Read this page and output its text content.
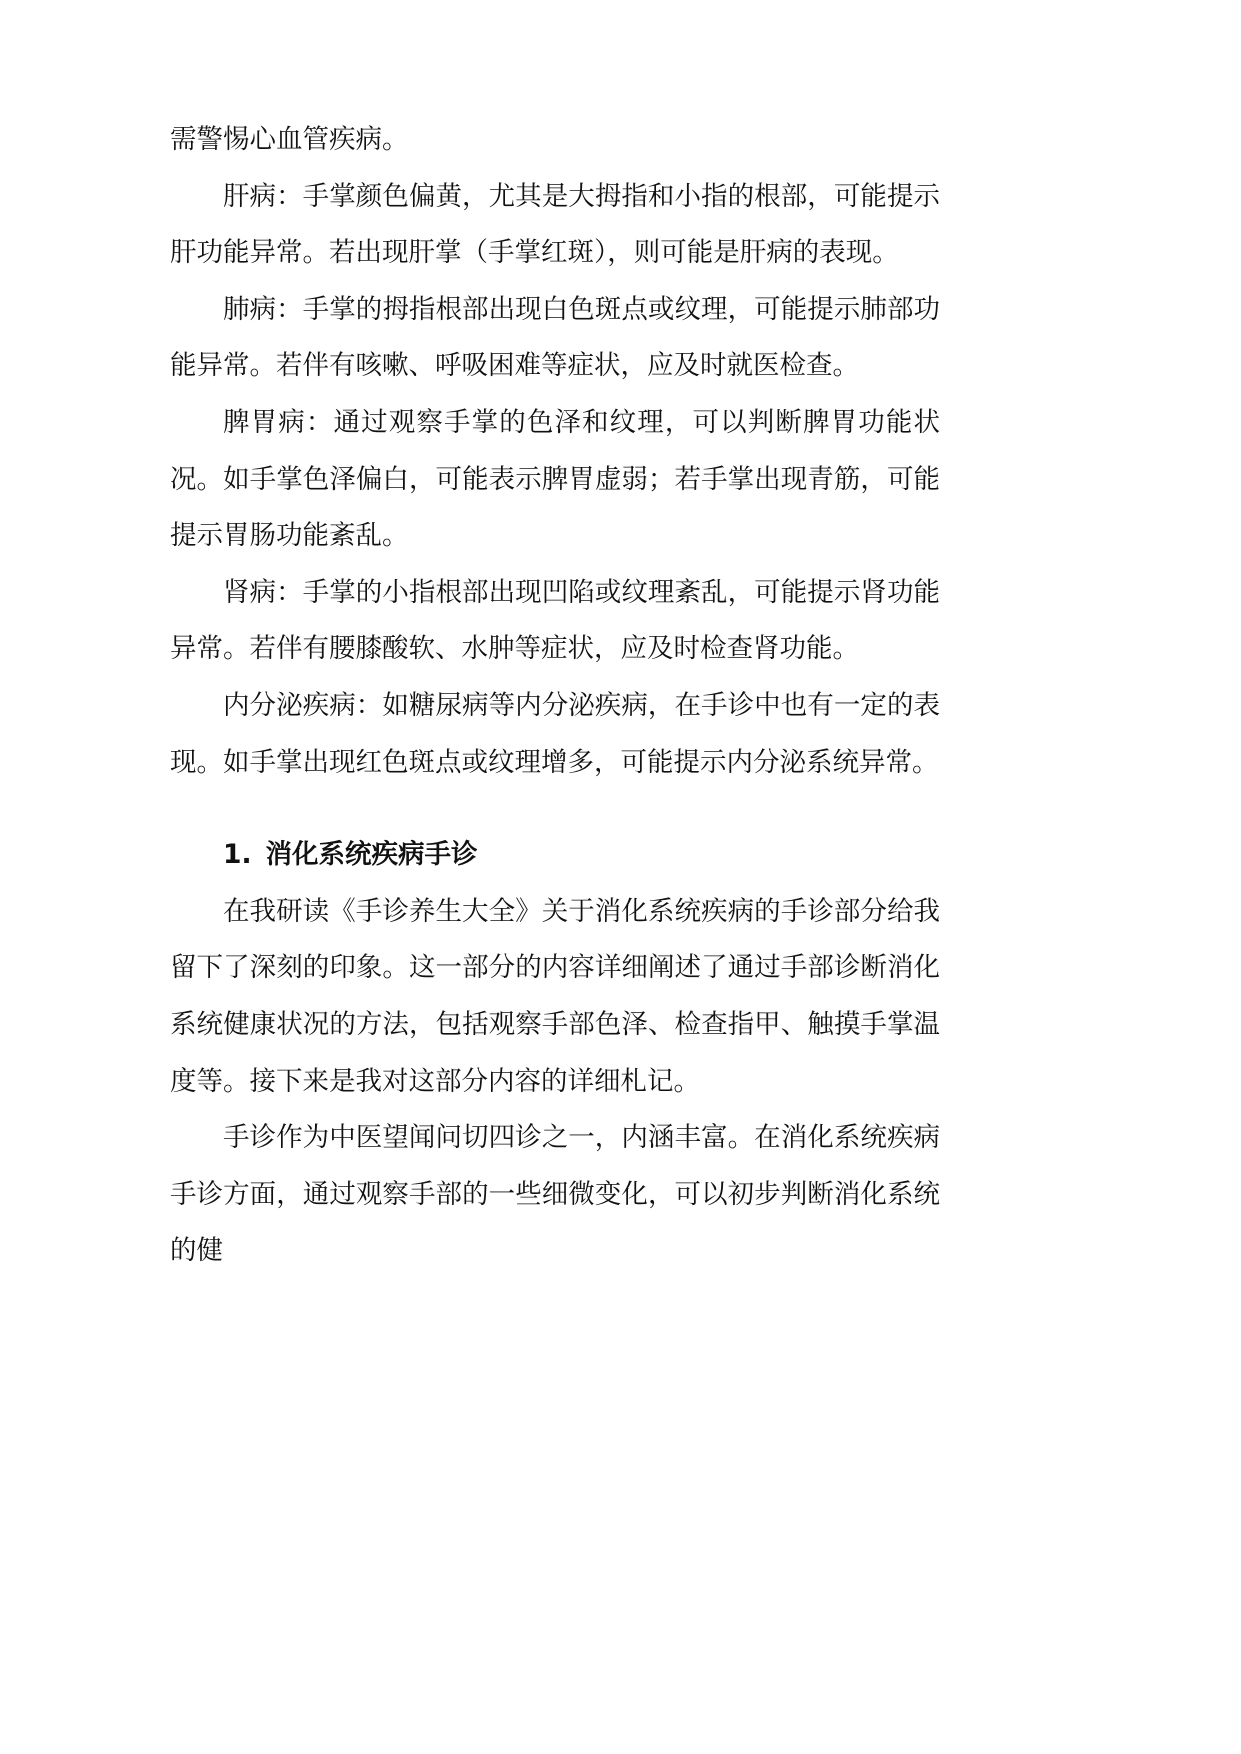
需警惕心血管疾病。

肝病：手掌颜色偏黄，尤其是大拇指和小指的根部，可能提示肝功能异常。若出现肝掌（手掌红斑），则可能是肝病的表现。

肺病：手掌的拇指根部出现白色斑点或纹理，可能提示肺部功能异常。若伴有咳嗽、呼吸困难等症状，应及时就医检查。

脾胃病：通过观察手掌的色泽和纹理，可以判断脾胃功能状况。如手掌色泽偏白，可能表示脾胃虚弱；若手掌出现青筋，可能提示胃肠功能紊乱。

肾病：手掌的小指根部出现凹陷或纹理紊乱，可能提示肾功能异常。若伴有腰膝酸软、水肿等症状，应及时检查肾功能。

内分泌疾病：如糖尿病等内分泌疾病，在手诊中也有一定的表现。如手掌出现红色斑点或纹理增多，可能提示内分泌系统异常。

1. 消化系统疾病手诊

在我研读《手诊养生大全》关于消化系统疾病的手诊部分给我留下了深刻的印象。这一部分的内容详细阐述了通过手部诊断消化系统健康状况的方法，包括观察手部色泽、检查指甲、触摸手掌温度等。接下来是我对这部分内容的详细札记。

手诊作为中医望闻问切四诊之一，内涵丰富。在消化系统疾病手诊方面，通过观察手部的一些细微变化，可以初步判断消化系统的健
